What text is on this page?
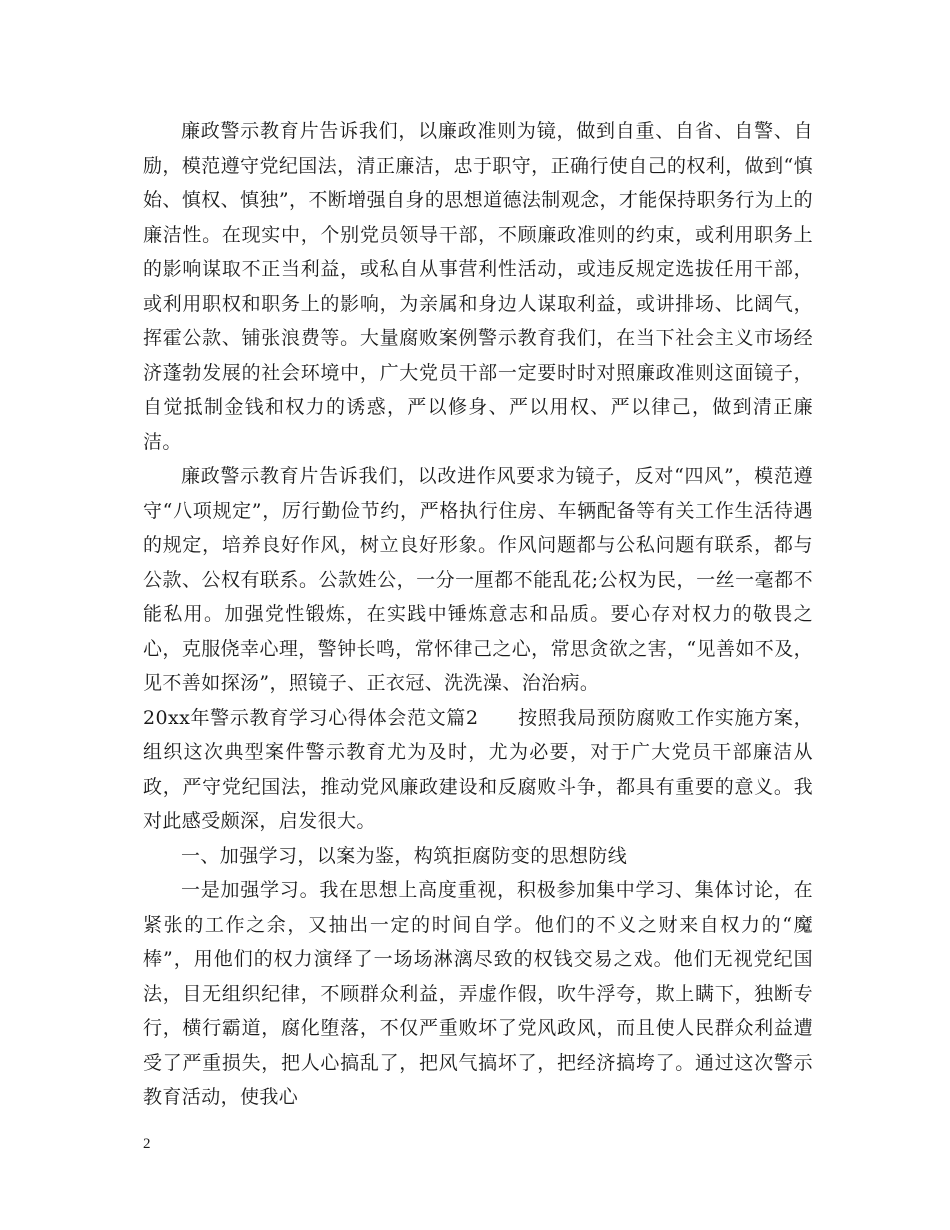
廉政警示教育片告诉我们，以廉政准则为镜，做到自重、自省、自警、自励，模范遵守党纪国法，清正廉洁，忠于职守，正确行使自己的权利，做到“慎始、慎权、慎独”，不断增强自身的思想道德法制观念，才能保持职务行为上的廉洁性。在现实中，个别党员领导干部，不顾廉政准则的约束，或利用职务上的影响谋取不正当利益，或私自从事营利性活动，或违反规定选拔任用干部，或利用职权和职务上的影响，为亲属和身边人谋取利益，或讲排场、比阔气，挥霍公款、铺张浪费等。大量腐败案例警示教育我们，在当下社会主义市场经济蓬勃发展的社会环境中，广大党员干部一定要时时对照廉政准则这面镜子，自觉抵制金钱和权力的诱惑，严以修身、严以用权、严以律己，做到清正廉洁。

廉政警示教育片告诉我们，以改进作风要求为镜子，反对“四风”，模范遵守“八项规定”，厉行勤俭节约，严格执行住房、车辆配备等有关工作生活待遇的规定，培养良好作风，树立良好形象。作风问题都与公私问题有联系，都与公款、公权有联系。公款姓公，一分一厘都不能乱花;公权为民，一丝一毫都不能私用。加强党性锻炼，在实践中锤炼意志和品质。要心存对权力的敬畏之心，克服侥幸心理，警钟长鸣，常怀律己之心，常思贪欲之害，“见善如不及，见不善如探汤”，照镜子、正衣冠、洗洗澡、治治病。

20xx年警示教育学习心得体会范文篇2　　按照我局预防腐败工作实施方案，组织这次典型案件警示教育尤为及时，尤为必要，对于广大党员干部廉洁从政，严守党纪国法，推动党风廉政建设和反腐败斗争，都具有重要的意义。我对此感受颇深，启发很大。

一、加强学习，以案为鉴，构筑拒腐防变的思想防线

一是加强学习。我在思想上高度重视，积极参加集中学习、集体讨论，在紧张的工作之余，又抽出一定的时间自学。他们的不义之财来自权力的“魔棒”，用他们的权力演绎了一场场淋漓尽致的权钱交易之戏。他们无视党纪国法，目无组织纪律，不顾群众利益，弄虚作假，吹牛浮夸，欺上瞒下，独断专行，横行霸道，腐化堕落，不仅严重败坏了党风政风，而且使人民群众利益遭受了严重损失，把人心搞乱了，把风气搞坏了，把经济搞垮了。通过这次警示教育活动，使我心

2
